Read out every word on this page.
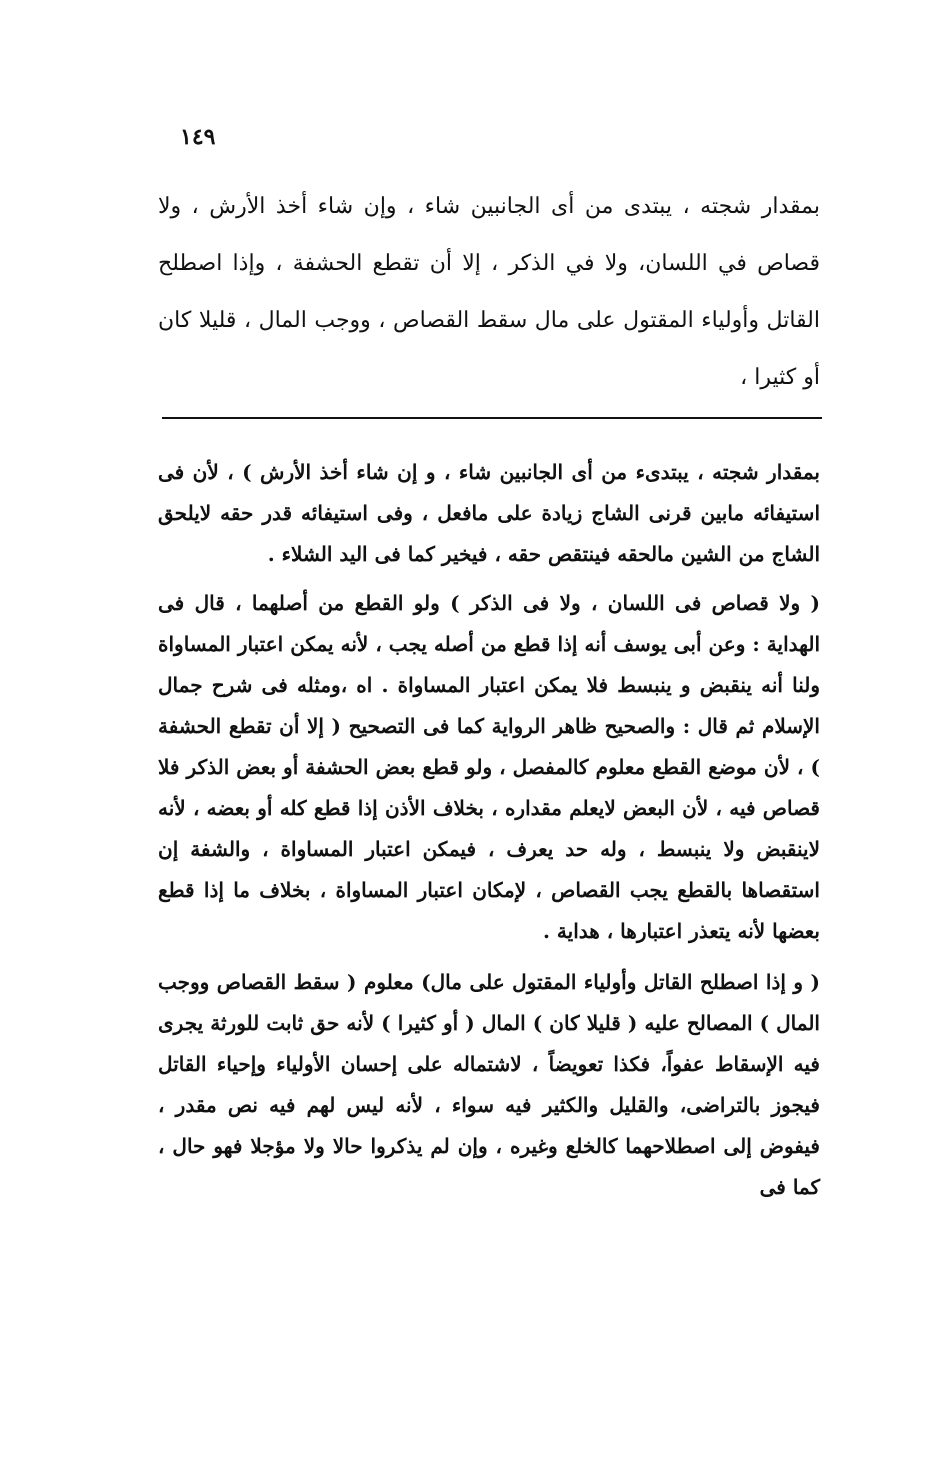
١٤٩

بمقدار شجته ، يبتدى من أى الجانبين شاء ، وإن شاء أخذ الأرش ، ولا قصاص في اللسان، ولا في الذكر ، إلا أن تقطع الحشفة ، وإذا اصطلح القاتل وأولياء المقتول على مال سقط القصاص ، ووجب المال ، قليلا كان أو كثيرا ،

بمقدار شجته ، يبتدىء من أى الجانبين شاء ، و إن شاء أخذ الأرش ) ، لأن فى استيفائه مابين قرنى الشاج زيادة على مافعل ، وفى استيفائه قدر حقه لايلحق الشاج من الشين مالحقه فينتقص حقه ، فيخير كما فى اليد الشلاء .

( ولا قصاص فى اللسان ، ولا فى الذكر ) ولو القطع من أصلهما ، قال فى الهداية : وعن أبى يوسف أنه إذا قطع من أصله يجب ، لأنه يمكن اعتبار المساواة ولنا أنه ينقبض و ينبسط فلا يمكن اعتبار المساواة . اه ،ومثله فى شرح جمال الإسلام ثم قال : والصحيح ظاهر الرواية كما فى التصحيح ( إلا أن تقطع الحشفة ) ، لأن موضع القطع معلوم كالمفصل ، ولو قطع بعض الحشفة أو بعض الذكر فلا قصاص فيه ، لأن البعض لايعلم مقداره ، بخلاف الأذن إذا قطع كله أو بعضه ، لأنه لاينقبض ولا ينبسط ، وله حد يعرف ، فيمكن اعتبار المساواة ، والشفة إن استقصاها بالقطع يجب القصاص ، لإمكان اعتبار المساواة ، بخلاف ما إذا قطع بعضها لأنه يتعذر اعتبارها ، هداية .

( و إذا اصطلح القاتل وأولياء المقتول على مال) معلوم ( سقط القصاص ووجب المال ) المصالح عليه ( قليلا كان ) المال ( أو كثيرا ) لأنه حق ثابت للورثة يجرى فيه الإسقاط عفواً، فكذا تعويضاً ، لاشتماله على إحسان الأولياء وإحياء القاتل فيجوز بالتراضى، والقليل والكثير فيه سواء ، لأنه ليس لهم فيه نص مقدر ، فيفوض إلى اصطلاحهما كالخلع وغيره ، وإن لم يذكروا حالا ولا مؤجلا فهو حال ، كما فى
